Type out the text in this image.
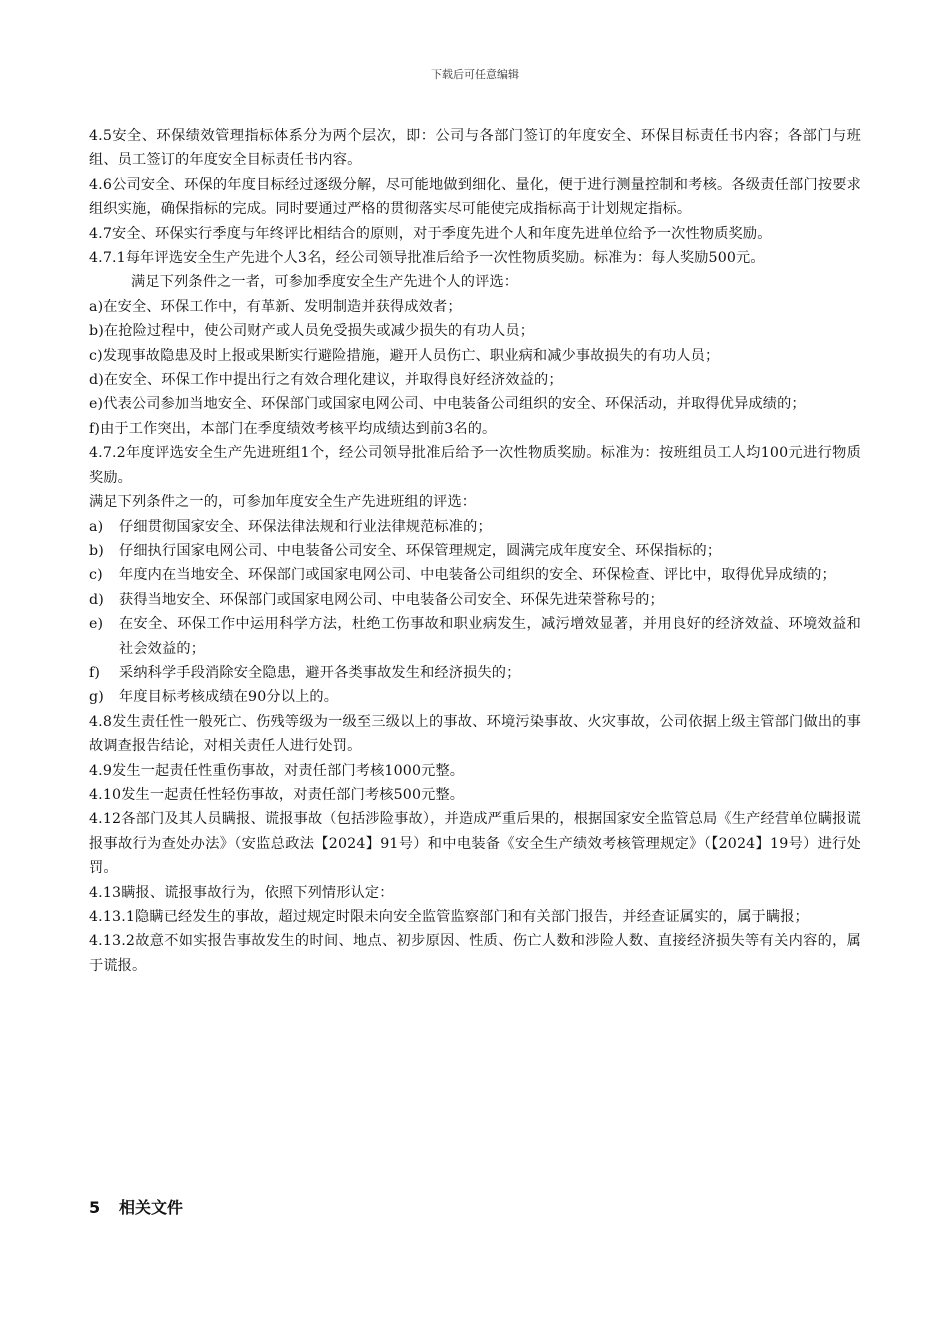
下载后可任意编辑

4.5安全、环保绩效管理指标体系分为两个层次，即：公司与各部门签订的年度安全、环保目标责任书内容；各部门与班组、员工签订的年度安全目标责任书内容。

4.6公司安全、环保的年度目标经过逐级分解，尽可能地做到细化、量化，便于进行测量控制和考核。各级责任部门按要求组织实施，确保指标的完成。同时要通过严格的贯彻落实尽可能使完成指标高于计划规定指标。

4.7安全、环保实行季度与年终评比相结合的原则，对于季度先进个人和年度先进单位给予一次性物质奖励。

4.7.1每年评选安全生产先进个人3名，经公司领导批准后给予一次性物质奖励。标准为：每人奖励500元。

满足下列条件之一者，可参加季度安全生产先进个人的评选：

a)在安全、环保工作中，有革新、发明制造并获得成效者；

b)在抢险过程中，使公司财产或人员免受损失或减少损失的有功人员；

c)发现事故隐患及时上报或果断实行避险措施，避开人员伤亡、职业病和减少事故损失的有功人员；

d)在安全、环保工作中提出行之有效合理化建议，并取得良好经济效益的；

e)代表公司参加当地安全、环保部门或国家电网公司、中电装备公司组织的安全、环保活动，并取得优异成绩的；

f)由于工作突出，本部门在季度绩效考核平均成绩达到前3名的。

4.7.2年度评选安全生产先进班组1个，经公司领导批准后给予一次性物质奖励。标准为：按班组员工人均100元进行物质奖励。

满足下列条件之一的，可参加年度安全生产先进班组的评选：

a)	仔细贯彻国家安全、环保法律法规和行业法律规范标准的；
b)	仔细执行国家电网公司、中电装备公司安全、环保管理规定，圆满完成年度安全、环保指标的；
c)	年度内在当地安全、环保部门或国家电网公司、中电装备公司组织的安全、环保检查、评比中，取得优异成绩的；
d)	获得当地安全、环保部门或国家电网公司、中电装备公司安全、环保先进荣誉称号的；
e)	在安全、环保工作中运用科学方法，杜绝工伤事故和职业病发生，减污增效显著，并用良好的经济效益、环境效益和社会效益的；
f)	采纳科学手段消除安全隐患，避开各类事故发生和经济损失的；
g)	年度目标考核成绩在90分以上的。

4.8发生责任性一般死亡、伤残等级为一级至三级以上的事故、环境污染事故、火灾事故，公司依据上级主管部门做出的事故调查报告结论，对相关责任人进行处罚。

4.9发生一起责任性重伤事故，对责任部门考核1000元整。

4.10发生一起责任性轻伤事故，对责任部门考核500元整。

4.12各部门及其人员瞒报、谎报事故（包括涉险事故），并造成严重后果的，根据国家安全监管总局《生产经营单位瞒报谎报事故行为查处办法》（安监总政法【2024】91号）和中电装备《安全生产绩效考核管理规定》（【2024】19号）进行处罚。

4.13瞒报、谎报事故行为，依照下列情形认定：

4.13.1隐瞒已经发生的事故，超过规定时限未向安全监管监察部门和有关部门报告，并经查证属实的，属于瞒报；

4.13.2故意不如实报告事故发生的时间、地点、初步原因、性质、伤亡人数和涉险人数、直接经济损失等有关内容的，属于谎报。

5 相关文件
